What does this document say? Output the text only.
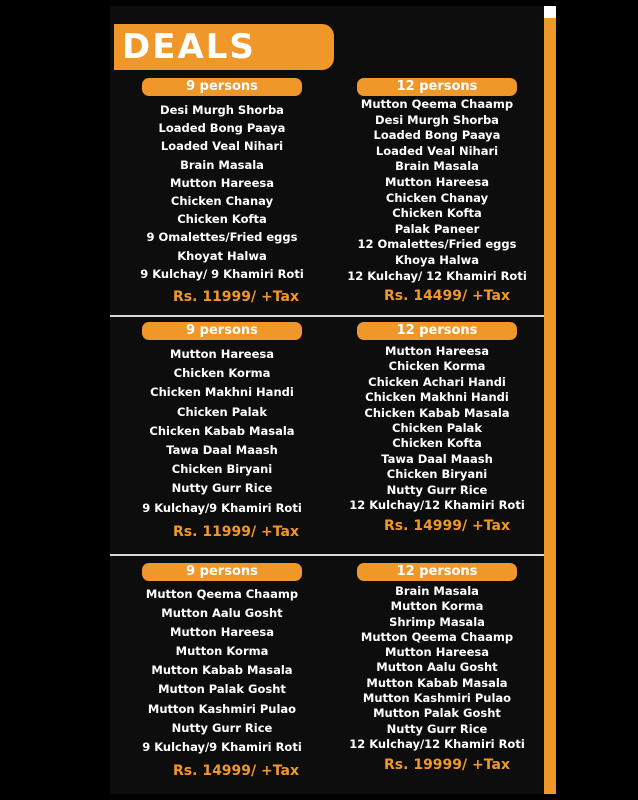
DEALS
9 persons
Desi Murgh Shorba
Loaded Bong Paaya
Loaded Veal Nihari
Brain Masala
Mutton Hareesa
Chicken Chanay
Chicken Kofta
9 Omalettes/Fried eggs
Khoyat Halwa
9 Kulchay/ 9 Khamiri Roti
Rs. 11999/ +Tax
12 persons
Mutton Qeema Chaamp
Desi Murgh Shorba
Loaded Bong Paaya
Loaded Veal Nihari
Brain Masala
Mutton Hareesa
Chicken Chanay
Chicken Kofta
Palak Paneer
12 Omalettes/Fried eggs
Khoya Halwa
12 Kulchay/ 12 Khamiri Roti
Rs. 14499/ +Tax
9 persons
Mutton Hareesa
Chicken Korma
Chicken Makhni Handi
Chicken Palak
Chicken Kabab Masala
Tawa Daal Maash
Chicken Biryani
Nutty Gurr Rice
9 Kulchay/9 Khamiri Roti
Rs. 11999/ +Tax
12 persons
Mutton Hareesa
Chicken Korma
Chicken Achari Handi
Chicken Makhni Handi
Chicken Kabab Masala
Chicken Palak
Chicken Kofta
Tawa Daal Maash
Chicken Biryani
Nutty Gurr Rice
12 Kulchay/12 Khamiri Roti
Rs. 14999/ +Tax
9 persons
Mutton Qeema Chaamp
Mutton Aalu Gosht
Mutton Hareesa
Mutton Korma
Mutton Kabab Masala
Mutton Palak Gosht
Mutton Kashmiri Pulao
Nutty Gurr Rice
9 Kulchay/9 Khamiri Roti
Rs. 14999/ +Tax
12 persons
Brain Masala
Mutton Korma
Shrimp Masala
Mutton Qeema Chaamp
Mutton Hareesa
Mutton Aalu Gosht
Mutton Kabab Masala
Mutton Kashmiri Pulao
Mutton Palak Gosht
Nutty Gurr Rice
12 Kulchay/12 Khamiri Roti
Rs. 19999/ +Tax
